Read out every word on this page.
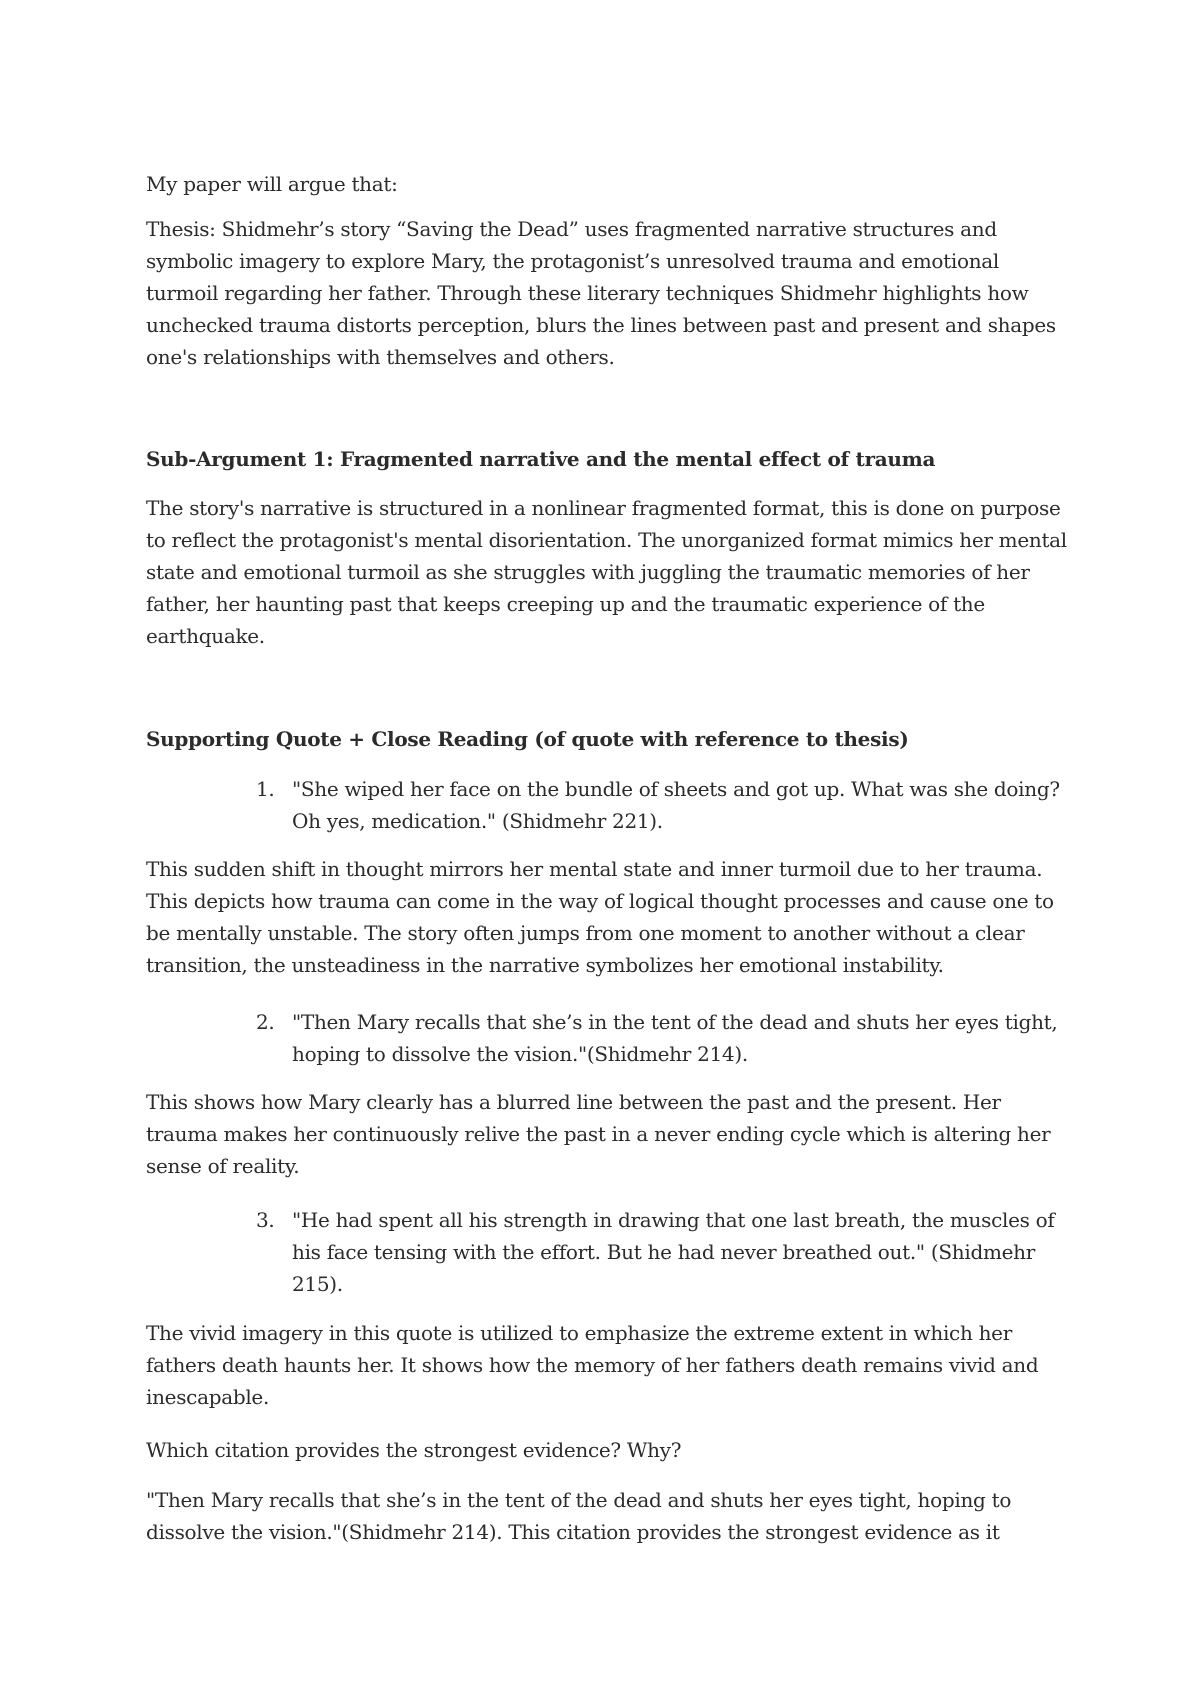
My paper will argue that:

Thesis: Shidmehr’s story “Saving the Dead” uses fragmented narrative structures and symbolic imagery to explore Mary, the protagonist’s unresolved trauma and emotional turmoil regarding her father. Through these literary techniques Shidmehr highlights how unchecked trauma distorts perception, blurs the lines between past and present and shapes one's relationships with themselves and others.

Sub-Argument 1: Fragmented narrative and the mental effect of trauma

The story's narrative is structured in a nonlinear fragmented format, this is done on purpose to reflect the protagonist's mental disorientation. The unorganized format mimics her mental state and emotional turmoil as she struggles with juggling the traumatic memories of her father, her haunting past that keeps creeping up and the traumatic experience of the earthquake.

Supporting Quote + Close Reading (of quote with reference to thesis)

1. "She wiped her face on the bundle of sheets and got up. What was she doing? Oh yes, medication." (Shidmehr 221).

This sudden shift in thought mirrors her mental state and inner turmoil due to her trauma. This depicts how trauma can come in the way of logical thought processes and cause one to be mentally unstable. The story often jumps from one moment to another without a clear transition, the unsteadiness in the narrative symbolizes her emotional instability.

2. "Then Mary recalls that she’s in the tent of the dead and shuts her eyes tight, hoping to dissolve the vision."(Shidmehr 214).

This shows how Mary clearly has a blurred line between the past and the present. Her trauma makes her continuously relive the past in a never ending cycle which is altering her sense of reality.

3. "He had spent all his strength in drawing that one last breath, the muscles of his face tensing with the effort. But he had never breathed out." (Shidmehr 215).

The vivid imagery in this quote is utilized to emphasize the extreme extent in which her fathers death haunts her. It shows how the memory of her fathers death remains vivid and inescapable.

Which citation provides the strongest evidence? Why?

"Then Mary recalls that she’s in the tent of the dead and shuts her eyes tight, hoping to dissolve the vision."(Shidmehr 214). This citation provides the strongest evidence as it
